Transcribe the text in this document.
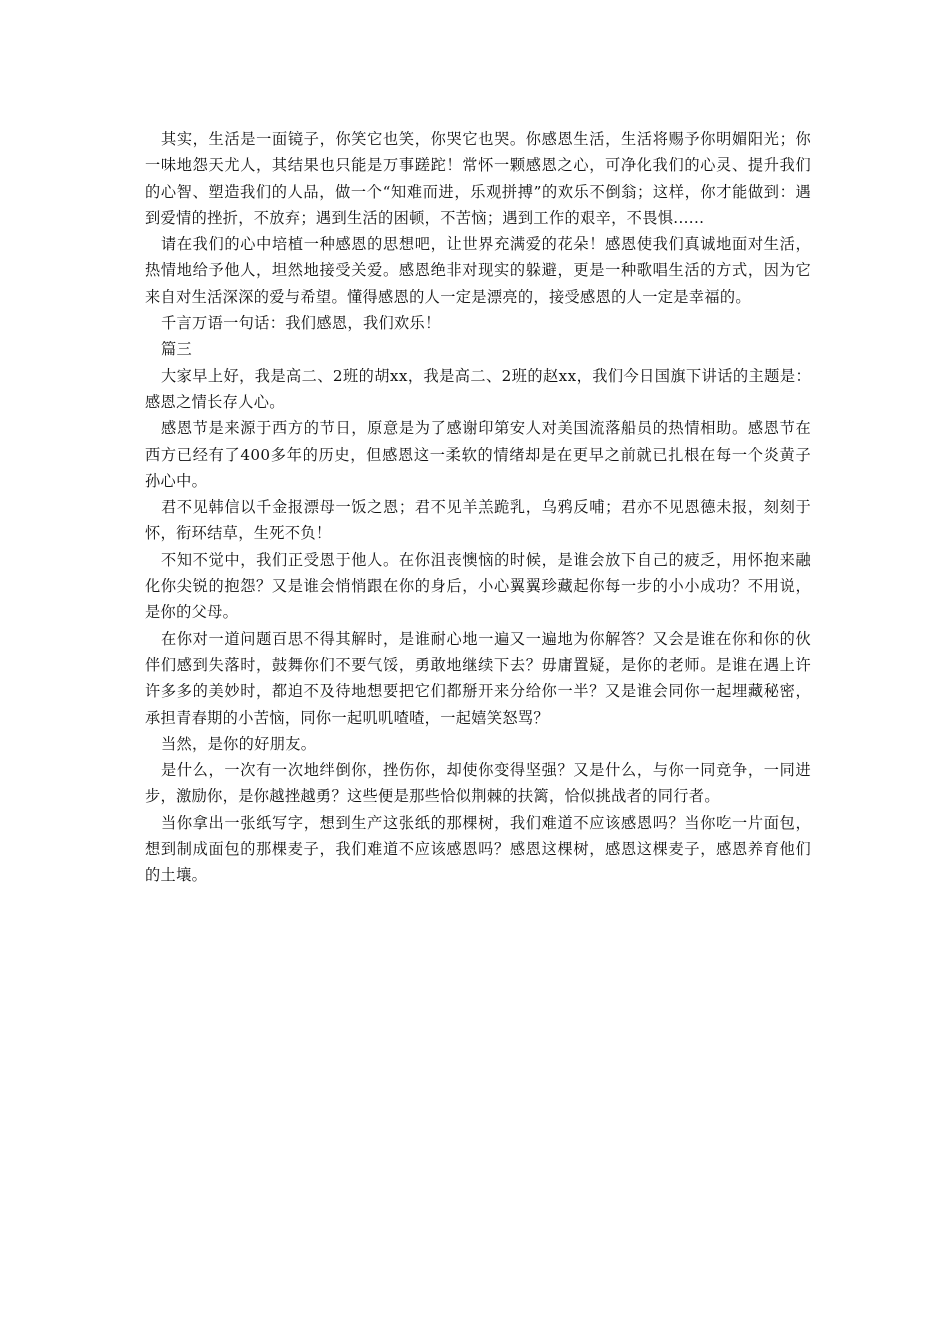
其实，生活是一面镜子，你笑它也笑，你哭它也哭。你感恩生活，生活将赐予你明媚阳光；你一味地怨天尤人，其结果也只能是万事蹉跎！常怀一颗感恩之心，可净化我们的心灵、提升我们的心智、塑造我们的人品，做一个“知难而进，乐观拼搏”的欢乐不倒翁；这样，你才能做到：遇到爱情的挫折，不放弃；遇到生活的困顿，不苦恼；遇到工作的艰辛，不畏惧......

请在我们的心中培植一种感恩的思想吧，让世界充满爱的花朵！感恩使我们真诚地面对生活，热情地给予他人，坦然地接受关爱。感恩绝非对现实的躲避，更是一种歌唱生活的方式，因为它来自对生活深深的爱与希望。懂得感恩的人一定是漂亮的，接受感恩的人一定是幸福的。

千言万语一句话：我们感恩，我们欢乐！

篇三

大家早上好，我是高二、2班的胡xx，我是高二、2班的赵xx，我们今日国旗下讲话的主题是：感恩之情长存人心。

感恩节是来源于西方的节日，原意是为了感谢印第安人对美国流落船员的热情相助。感恩节在西方已经有了400多年的历史，但感恩这一柔软的情绪却是在更早之前就已扎根在每一个炎黄子孙心中。

君不见韩信以千金报漂母一饭之恩；君不见羊羔跪乳，乌鸦反哺；君亦不见恩德未报，刻刻于怀，衔环结草，生死不负！

不知不觉中，我们正受恩于他人。在你沮丧懊恼的时候，是谁会放下自己的疲乏，用怀抱来融化你尖锐的抱怨？又是谁会悄悄跟在你的身后，小心翼翼珍藏起你每一步的小小成功？不用说，是你的父母。

在你对一道问题百思不得其解时，是谁耐心地一遍又一遍地为你解答？又会是谁在你和你的伙伴们感到失落时，鼓舞你们不要气馁，勇敢地继续下去？毋庸置疑，是你的老师。是谁在遇上许许多多的美妙时，都迫不及待地想要把它们都掰开来分给你一半？又是谁会同你一起埋藏秘密，承担青春期的小苦恼，同你一起叽叽喳喳，一起嬉笑怒骂？

当然，是你的好朋友。

是什么，一次有一次地绊倒你，挫伤你，却使你变得坚强？又是什么，与你一同竞争，一同进步，激励你，是你越挫越勇？这些便是那些恰似荆棘的扶篱，恰似挑战者的同行者。

当你拿出一张纸写字，想到生产这张纸的那棵树，我们难道不应该感恩吗？当你吃一片面包，想到制成面包的那棵麦子，我们难道不应该感恩吗？感恩这棵树，感恩这棵麦子，感恩养育他们的土壤。
